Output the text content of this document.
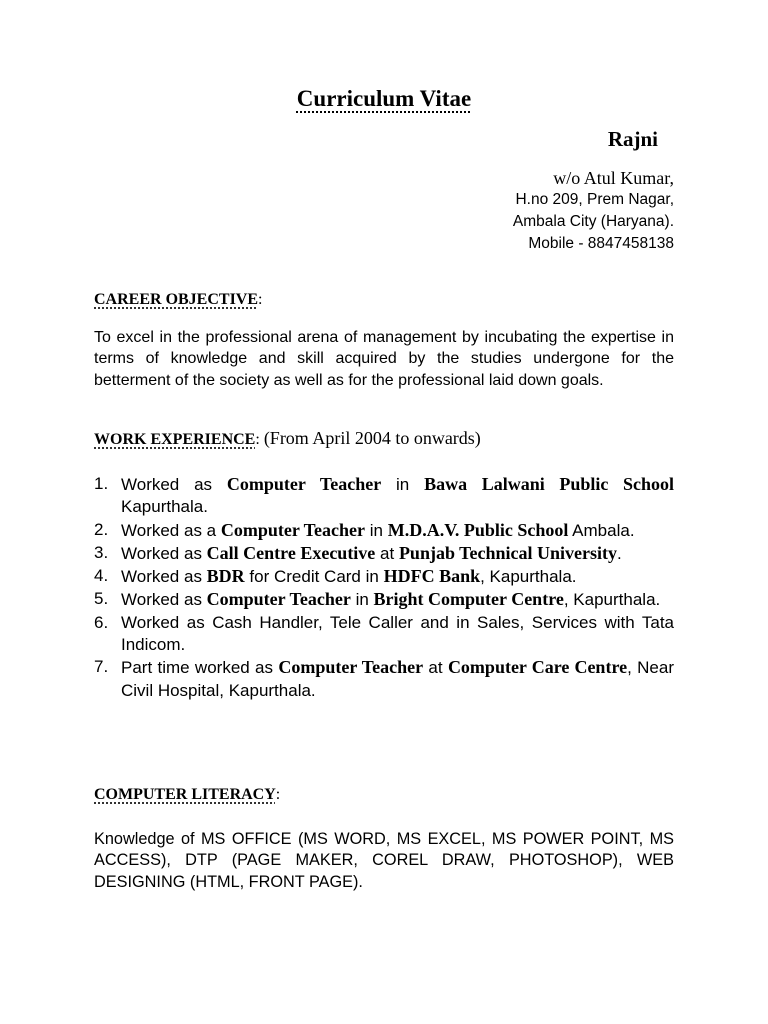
Curriculum Vitae
Rajni
w/o Atul Kumar,
H.no 209, Prem Nagar,
Ambala City (Haryana).
Mobile - 8847458138
CAREER OBJECTIVE:
To excel in the professional arena of management by incubating the expertise in terms of knowledge and skill acquired by the studies undergone for the betterment of the society as well as for the professional laid down goals.
WORK EXPERIENCE: (From April 2004 to onwards)
1. Worked as Computer Teacher in Bawa Lalwani Public School Kapurthala.
2. Worked as a Computer Teacher in M.D.A.V. Public School Ambala.
3. Worked as Call Centre Executive at Punjab Technical University.
4. Worked as BDR for Credit Card in HDFC Bank, Kapurthala.
5. Worked as Computer Teacher in Bright Computer Centre, Kapurthala.
6. Worked as Cash Handler, Tele Caller and in Sales, Services with Tata Indicom.
7. Part time worked as Computer Teacher at Computer Care Centre, Near Civil Hospital, Kapurthala.
COMPUTER LITERACY:
Knowledge of MS OFFICE (MS WORD, MS EXCEL, MS POWER POINT, MS ACCESS), DTP (PAGE MAKER, COREL DRAW, PHOTOSHOP), WEB DESIGNING (HTML, FRONT PAGE).
